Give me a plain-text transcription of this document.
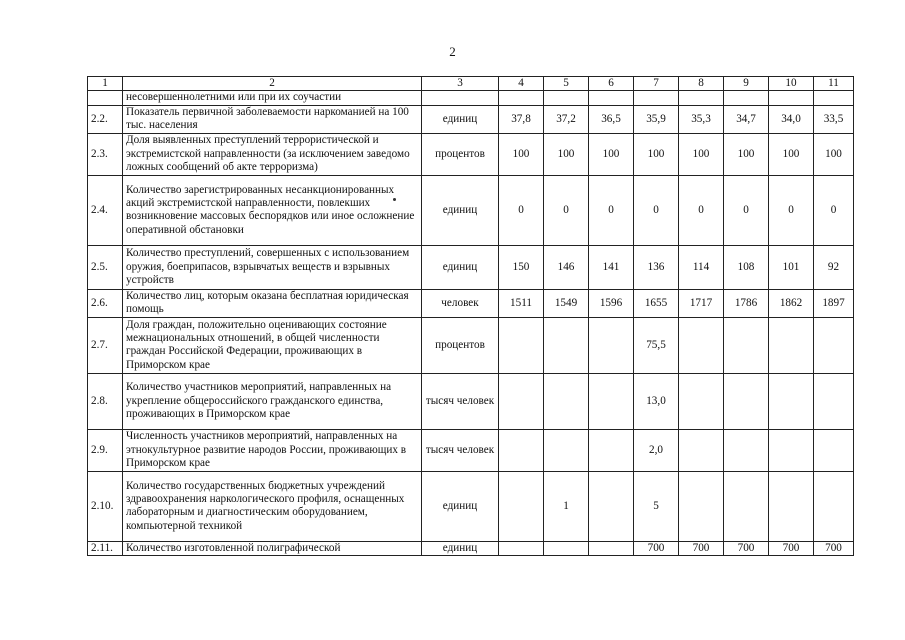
2
1	2	3	4	5	6	7	8	9	10	11
	несовершеннолетними или при их соучастии									
2.2.	Показатель первичной заболеваемости наркоманией на 100 тыс. населения	единиц	37,8	37,2	36,5	35,9	35,3	34,7	34,0	33,5
2.3.	Доля выявленных преступлений террористической и экстремистской направленности (за исключением заведомо ложных сообщений об акте терроризма)	процентов	100	100	100	100	100	100	100	100
2.4.	Количество зарегистрированных несанкционированных акций экстремистской направленности, повлекших возникновение массовых беспорядков или иное осложнение оперативной обстановки	единиц	0	0	0	0	0	0	0	0
2.5.	Количество преступлений, совершенных с использованием оружия, боеприпасов, взрывчатых веществ и взрывных устройств	единиц	150	146	141	136	114	108	101	92
2.6.	Количество лиц, которым оказана бесплатная юридическая помощь	человек	1511	1549	1596	1655	1717	1786	1862	1897
2.7.	Доля граждан, положительно оценивающих состояние межнациональных отношений, в общей численности граждан Российской Федерации, проживающих в Приморском крае	процентов				75,5				
2.8.	Количество участников мероприятий, направленных на укрепление общероссийского гражданского единства, проживающих в Приморском крае	тысяч человек				13,0				
2.9.	Численность участников мероприятий, направленных на этнокультурное развитие народов России, проживающих в Приморском крае	тысяч человек				2,0				
2.10.	Количество государственных бюджетных учреждений здравоохранения наркологического профиля, оснащенных лабораторным и диагностическим оборудованием, компьютерной техникой	единиц		1		5				
2.11.	Количество изготовленной полиграфической	единиц				700	700	700	700	700
